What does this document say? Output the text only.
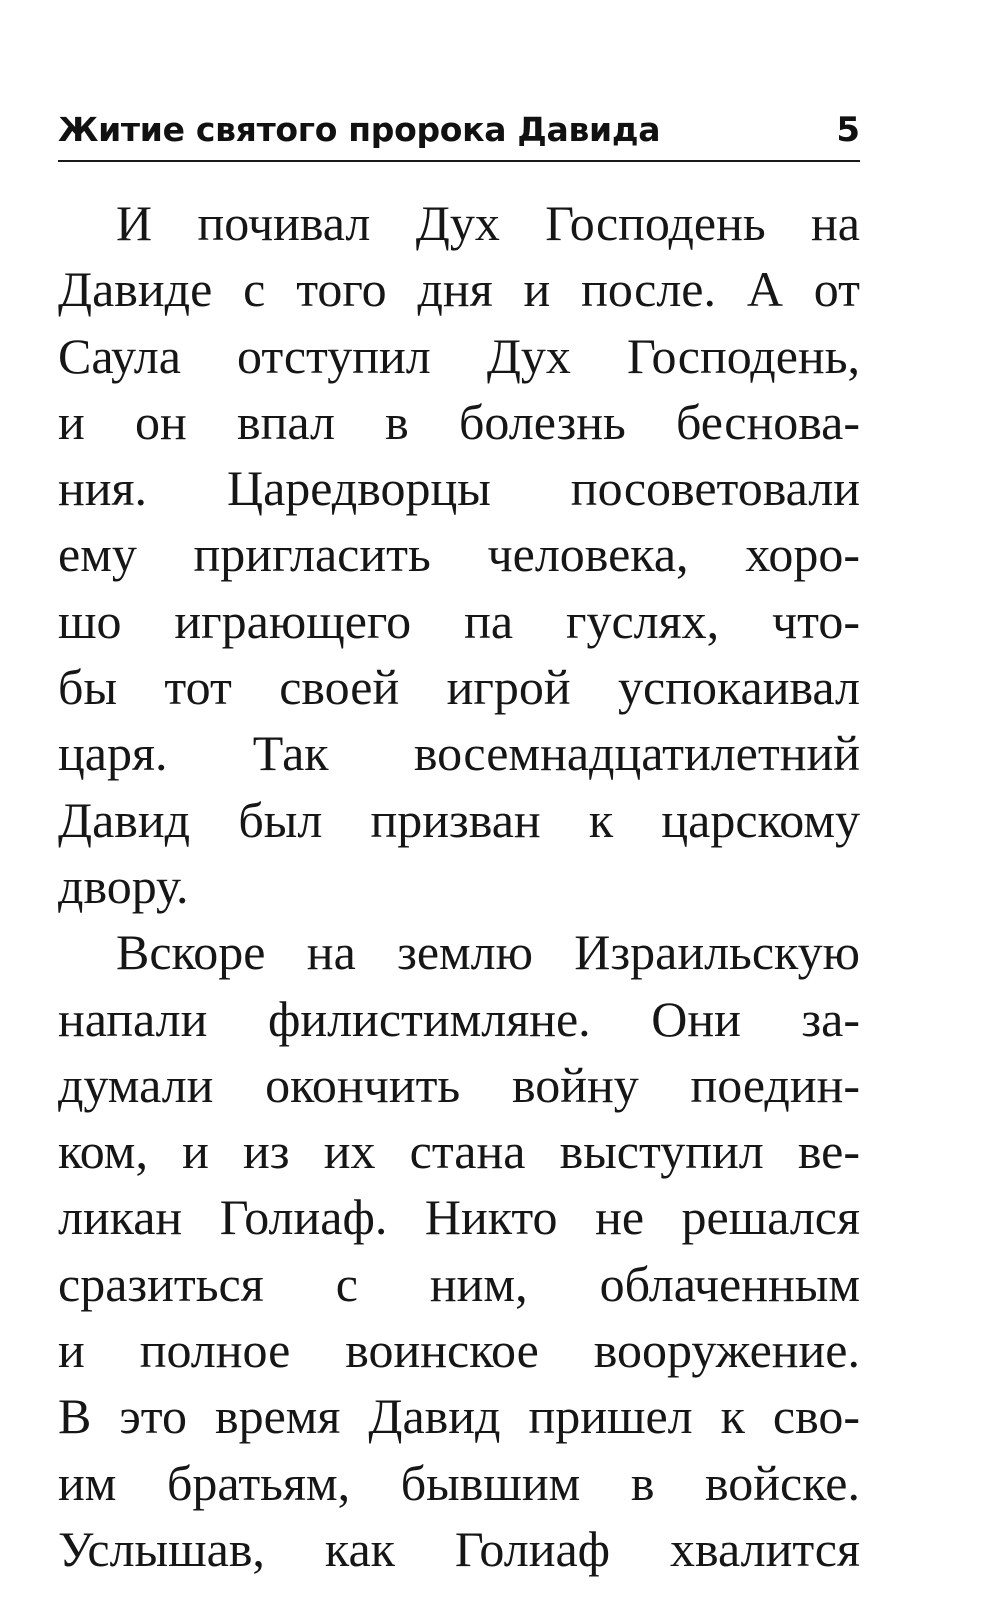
Житие святого пророка Давида	5
И почивал Дух Господень на
Давиде с того дня и после. А от
Саула отступил Дух Господень,
и он впал в болезнь беснова-
ния. Царедворцы посоветовали
ему пригласить человека, хоро-
шо играющего па гуслях, что-
бы тот своей игрой успокаивал
царя. Так восемнадцатилетний
Давид был призван к царскому
двору.
Вскоре на землю Израильскую
напали филистимляне. Они за-
думали окончить войну поедин-
ком, и из их стана выступил ве-
ликан Голиаф. Никто не решался
сразиться с ним, облаченным
и полное воинское вооружение.
В это время Давид пришел к сво-
им братьям, бывшим в войске.
Услышав, как Голиаф хвалится
